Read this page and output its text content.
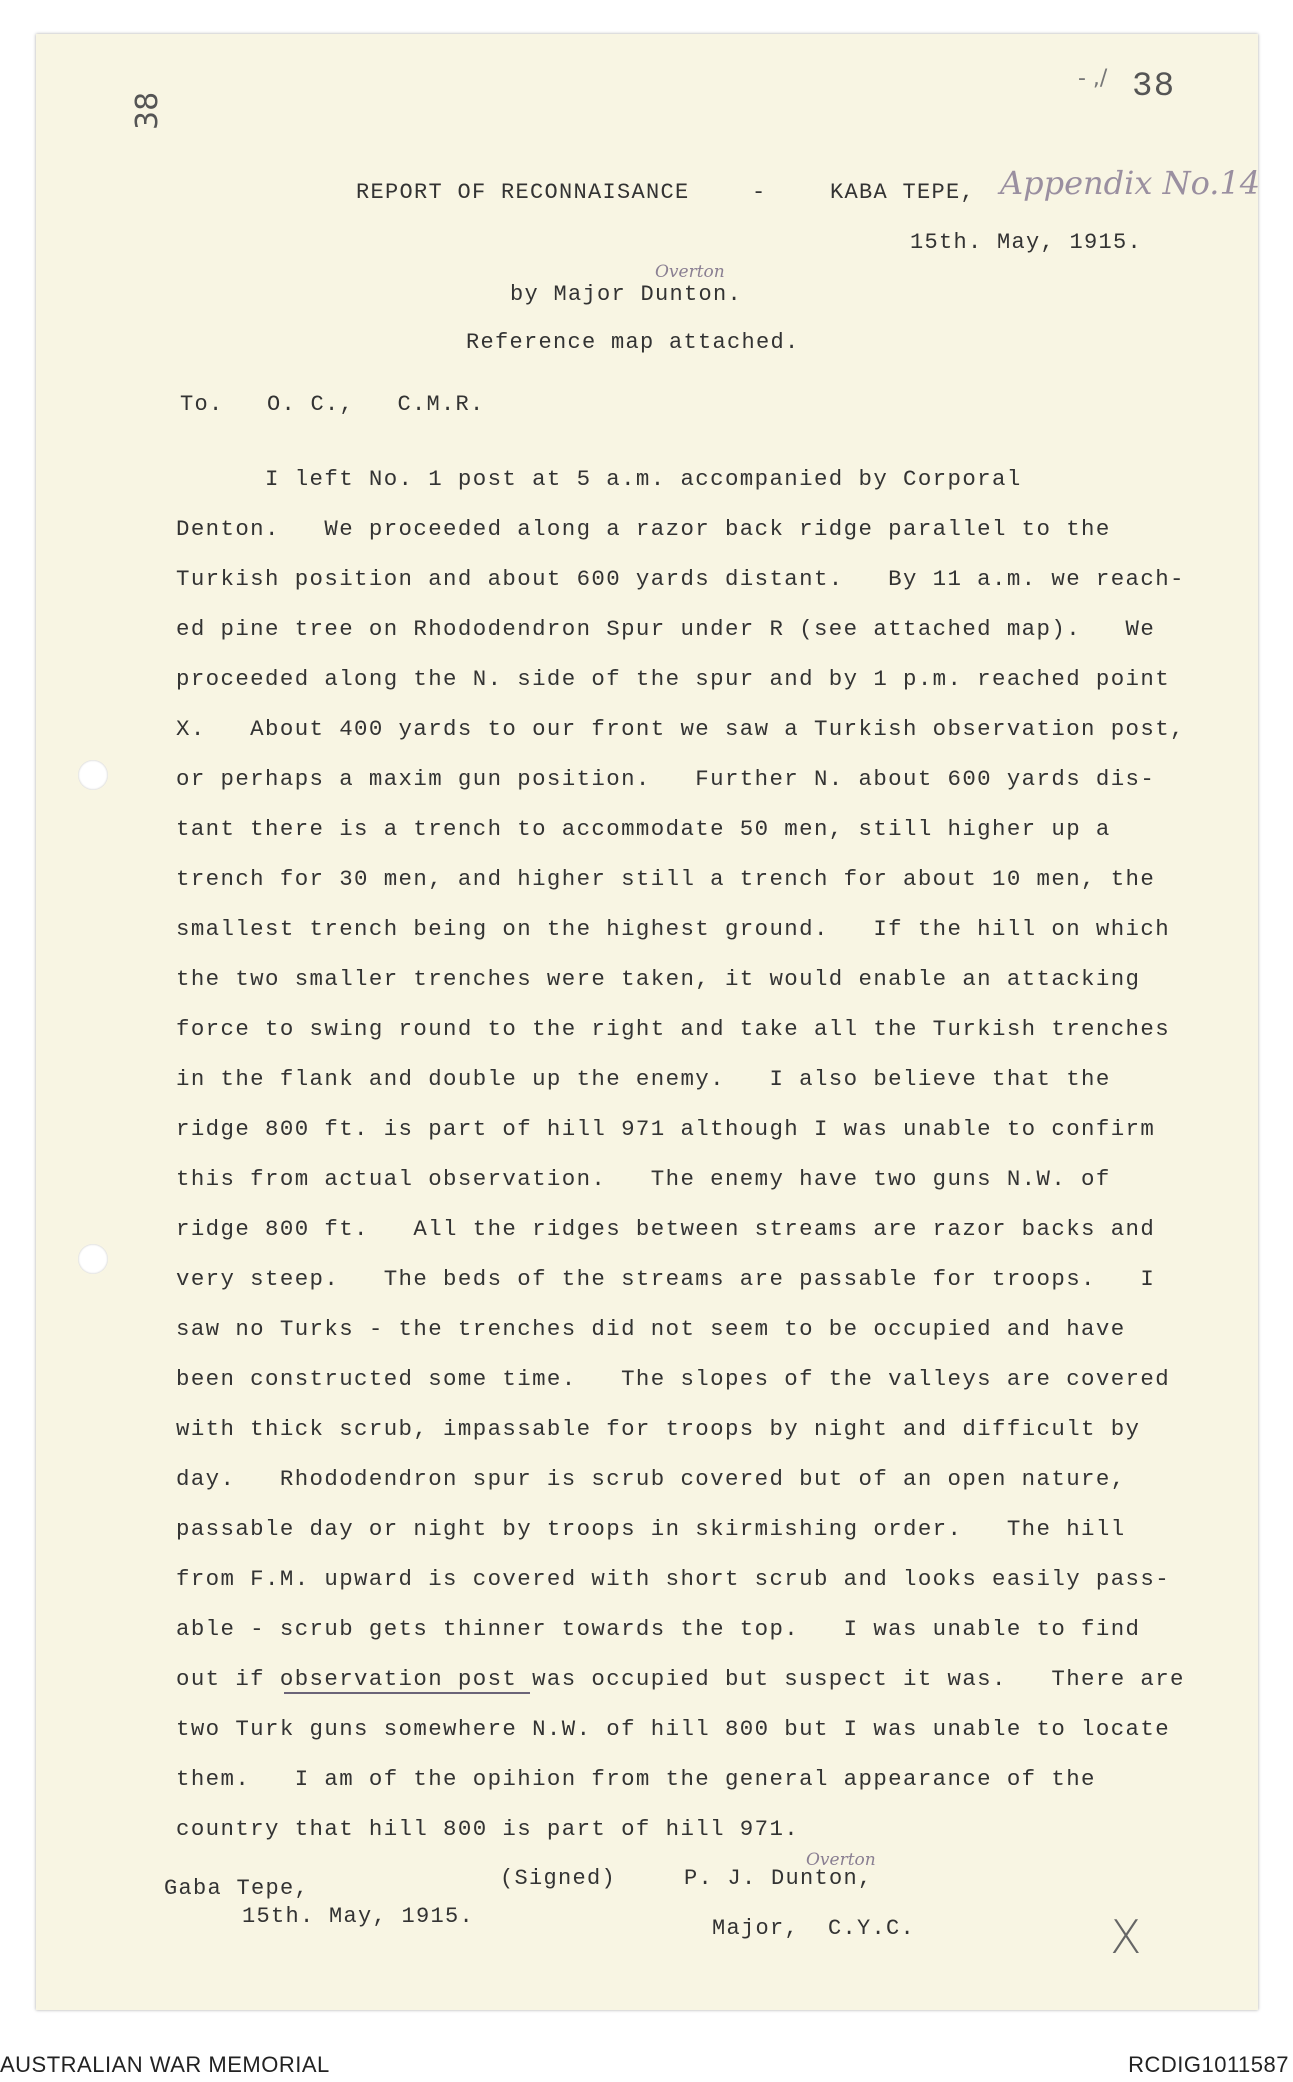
38
- ,/ 38
REPORT OF RECONNAISANCE	-	KABA TEPE, Appendix No.14
15th. May, 1915.
Overton
by Major Dunton.
Reference map attached.
To.   O. C.,   C.M.R.
I left No. 1 post at 5 a.m. accompanied by Corporal
Denton.   We proceeded along a razor back ridge parallel to the
Turkish position and about 600 yards distant.   By 11 a.m. we reach-
ed pine tree on Rhododendron Spur under R (see attached map).   We
proceeded along the N. side of the spur and by 1 p.m. reached point
X.   About 400 yards to our front we saw a Turkish observation post,
or perhaps a maxim gun position.   Further N. about 600 yards dis-
tant there is a trench to accommodate 50 men, still higher up a
trench for 30 men, and higher still a trench for about 10 men, the
smallest trench being on the highest ground.   If the hill on which
the two smaller trenches were taken, it would enable an attacking
force to swing round to the right and take all the Turkish trenches
in the flank and double up the enemy.   I also believe that the
ridge 800 ft. is part of hill 971 although I was unable to confirm
this from actual observation.   The enemy have two guns N.W. of
ridge 800 ft.   All the ridges between streams are razor backs and
very steep.   The beds of the streams are passable for troops.   I
saw no Turks - the trenches did not seem to be occupied and have
been constructed some time.   The slopes of the valleys are covered
with thick scrub, impassable for troops by night and difficult by
day.   Rhododendron spur is scrub covered but of an open nature,
passable day or night by troops in skirmishing order.   The hill
from F.M. upward is covered with short scrub and looks easily pass-
able - scrub gets thinner towards the top.   I was unable to find
out if observation post was occupied but suspect it was.   There are
two Turk guns somewhere N.W. of hill 800 but I was unable to locate
them.   I am of the opihion from the general appearance of the
country that hill 800 is part of hill 971.
Gaba Tepe,
15th. May, 1915.
(Signed)
Overton
P. J. Dunton,
Major,  C.Y.C.	X
AUSTRALIAN WAR MEMORIAL	RCDIG1011587
